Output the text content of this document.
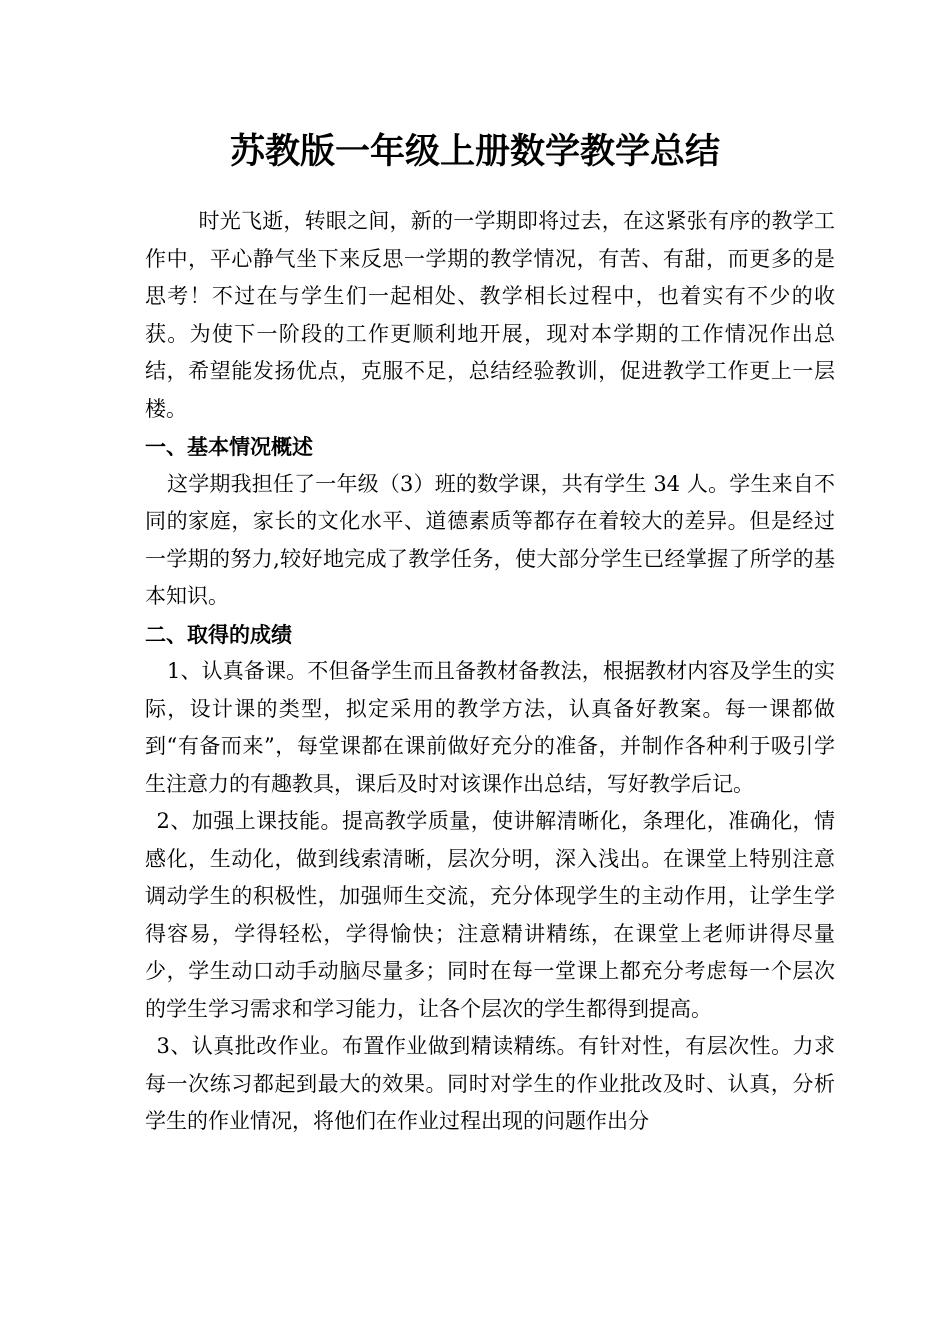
苏教版一年级上册数学教学总结

时光飞逝，转眼之间，新的一学期即将过去，在这紧张有序的教学工作中，平心静气坐下来反思一学期的教学情况，有苦、有甜，而更多的是思考！不过在与学生们一起相处、教学相长过程中，也着实有不少的收获。为使下一阶段的工作更顺利地开展，现对本学期的工作情况作出总结，希望能发扬优点，克服不足，总结经验教训，促进教学工作更上一层楼。

一、基本情况概述

这学期我担任了一年级（3）班的数学课，共有学生 34 人。学生来自不同的家庭，家长的文化水平、道德素质等都存在着较大的差异。但是经过一学期的努力,较好地完成了教学任务，使大部分学生已经掌握了所学的基本知识。

二、取得的成绩

1、认真备课。不但备学生而且备教材备教法，根据教材内容及学生的实际，设计课的类型，拟定采用的教学方法，认真备好教案。每一课都做到“有备而来”，每堂课都在课前做好充分的准备，并制作各种利于吸引学生注意力的有趣教具，课后及时对该课作出总结，写好教学后记。

2、加强上课技能。提高教学质量，使讲解清晰化，条理化，准确化，情感化，生动化，做到线索清晰，层次分明，深入浅出。在课堂上特别注意调动学生的积极性，加强师生交流，充分体现学生的主动作用，让学生学得容易，学得轻松，学得愉快；注意精讲精练，在课堂上老师讲得尽量少，学生动口动手动脑尽量多；同时在每一堂课上都充分考虑每一个层次的学生学习需求和学习能力，让各个层次的学生都得到提高。

3、认真批改作业。布置作业做到精读精练。有针对性，有层次性。力求每一次练习都起到最大的效果。同时对学生的作业批改及时、认真，分析学生的作业情况，将他们在作业过程出现的问题作出分
